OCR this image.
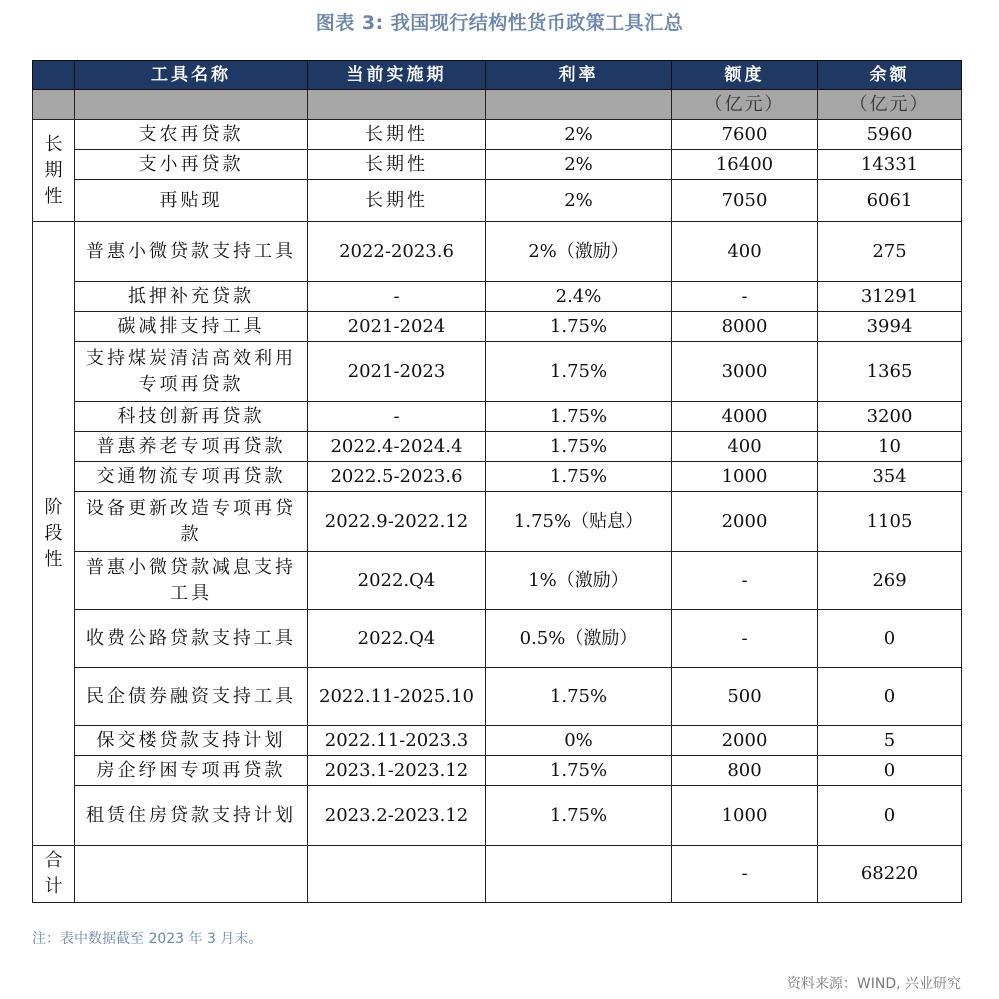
图表 3: 我国现行结构性货币政策工具汇总
	工具名称	当前实施期	利率	额度	余额
				（亿元）	（亿元）
长期性	支农再贷款	长期性	2%	7600	5960
	支小再贷款	长期性	2%	16400	14331
	再贴现	长期性	2%	7050	6061
阶段性	普惠小微贷款支持工具	2022-2023.6	2%（激励）	400	275
	抵押补充贷款	-	2.4%	-	31291
	碳减排支持工具	2021-2024	1.75%	8000	3994
	支持煤炭清洁高效利用专项再贷款	2021-2023	1.75%	3000	1365
	科技创新再贷款	-	1.75%	4000	3200
	普惠养老专项再贷款	2022.4-2024.4	1.75%	400	10
	交通物流专项再贷款	2022.5-2023.6	1.75%	1000	354
	设备更新改造专项再贷款	2022.9-2022.12	1.75%（贴息）	2000	1105
	普惠小微贷款减息支持工具	2022.Q4	1%（激励）	-	269
	收费公路贷款支持工具	2022.Q4	0.5%（激励）	-	0
	民企债券融资支持工具	2022.11-2025.10	1.75%	500	0
	保交楼贷款支持计划	2022.11-2023.3	0%	2000	5
	房企纾困专项再贷款	2023.1-2023.12	1.75%	800	0
	租赁住房贷款支持计划	2023.2-2023.12	1.75%	1000	0
合计				-	68220
注：表中数据截至 2023 年 3 月末。
资料来源：WIND, 兴业研究
